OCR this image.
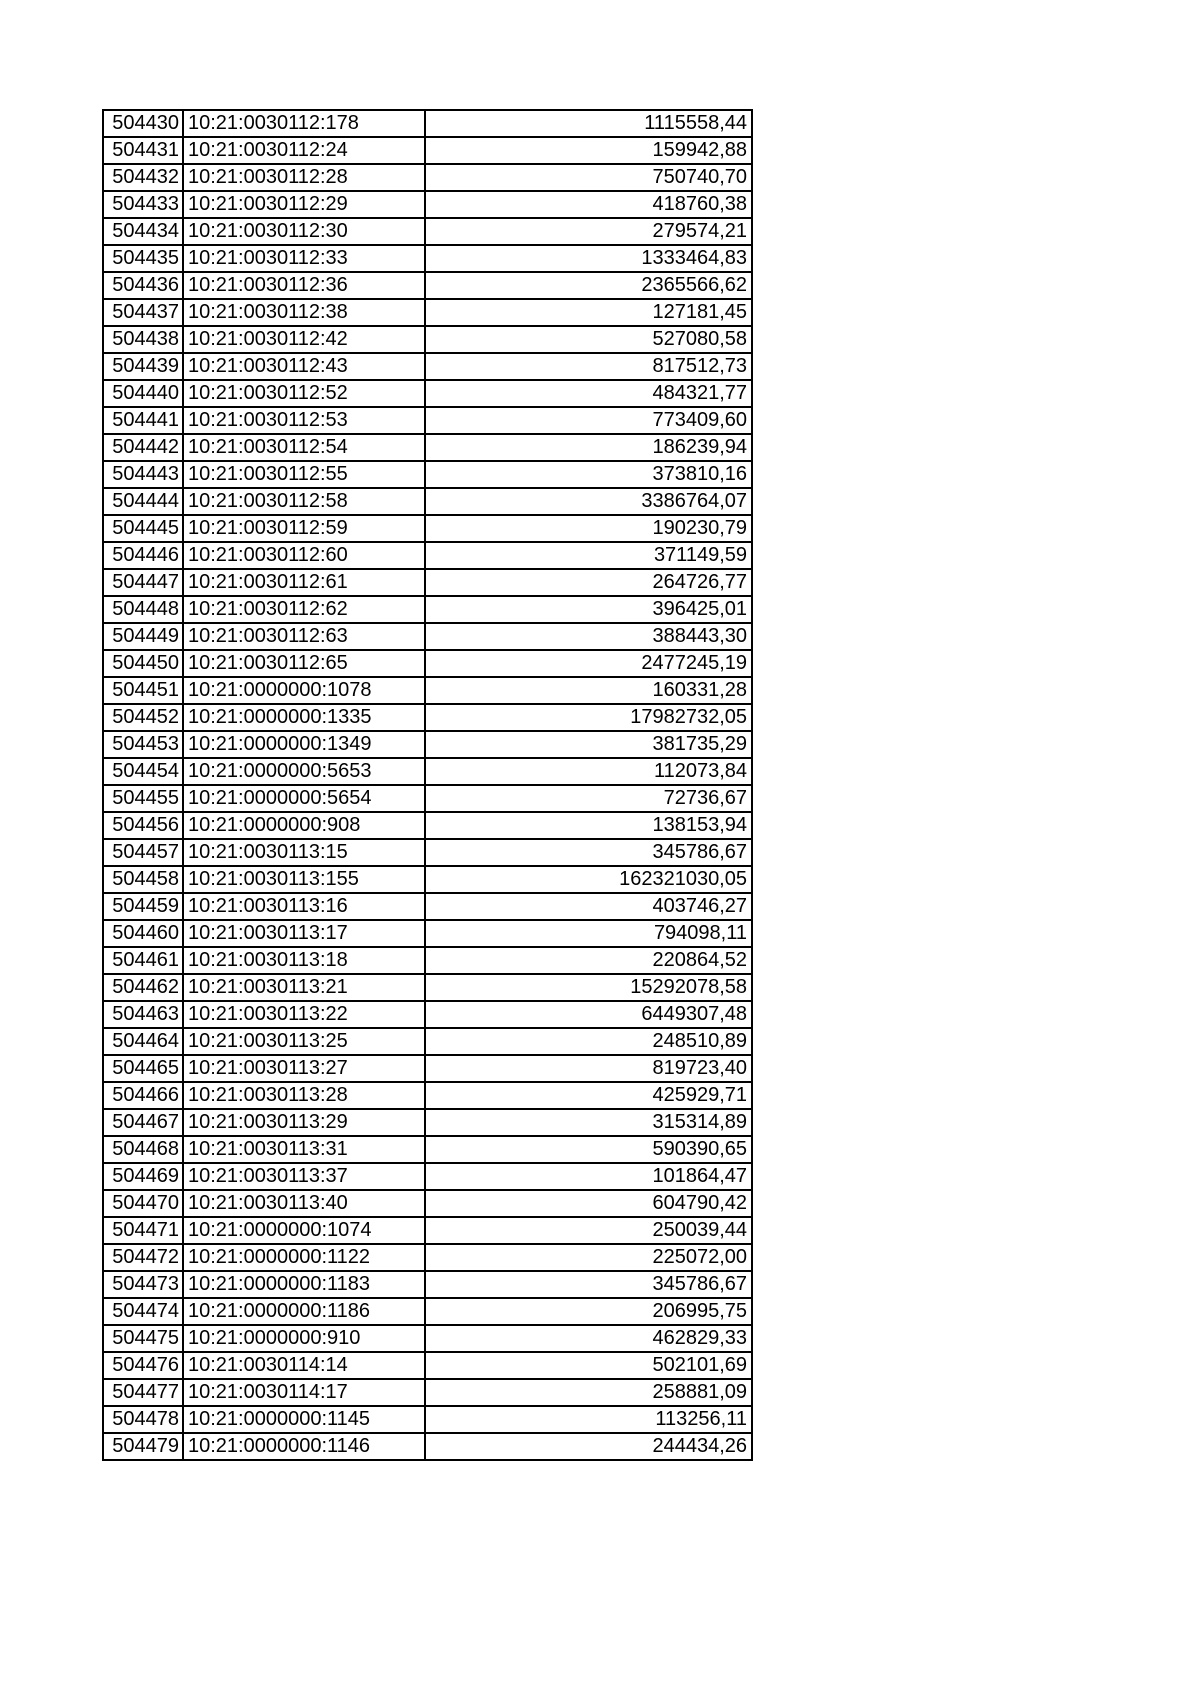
504430	10:21:0030112:178	1115558,44
504431	10:21:0030112:24	159942,88
504432	10:21:0030112:28	750740,70
504433	10:21:0030112:29	418760,38
504434	10:21:0030112:30	279574,21
504435	10:21:0030112:33	1333464,83
504436	10:21:0030112:36	2365566,62
504437	10:21:0030112:38	127181,45
504438	10:21:0030112:42	527080,58
504439	10:21:0030112:43	817512,73
504440	10:21:0030112:52	484321,77
504441	10:21:0030112:53	773409,60
504442	10:21:0030112:54	186239,94
504443	10:21:0030112:55	373810,16
504444	10:21:0030112:58	3386764,07
504445	10:21:0030112:59	190230,79
504446	10:21:0030112:60	371149,59
504447	10:21:0030112:61	264726,77
504448	10:21:0030112:62	396425,01
504449	10:21:0030112:63	388443,30
504450	10:21:0030112:65	2477245,19
504451	10:21:0000000:1078	160331,28
504452	10:21:0000000:1335	17982732,05
504453	10:21:0000000:1349	381735,29
504454	10:21:0000000:5653	112073,84
504455	10:21:0000000:5654	72736,67
504456	10:21:0000000:908	138153,94
504457	10:21:0030113:15	345786,67
504458	10:21:0030113:155	162321030,05
504459	10:21:0030113:16	403746,27
504460	10:21:0030113:17	794098,11
504461	10:21:0030113:18	220864,52
504462	10:21:0030113:21	15292078,58
504463	10:21:0030113:22	6449307,48
504464	10:21:0030113:25	248510,89
504465	10:21:0030113:27	819723,40
504466	10:21:0030113:28	425929,71
504467	10:21:0030113:29	315314,89
504468	10:21:0030113:31	590390,65
504469	10:21:0030113:37	101864,47
504470	10:21:0030113:40	604790,42
504471	10:21:0000000:1074	250039,44
504472	10:21:0000000:1122	225072,00
504473	10:21:0000000:1183	345786,67
504474	10:21:0000000:1186	206995,75
504475	10:21:0000000:910	462829,33
504476	10:21:0030114:14	502101,69
504477	10:21:0030114:17	258881,09
504478	10:21:0000000:1145	113256,11
504479	10:21:0000000:1146	244434,26
